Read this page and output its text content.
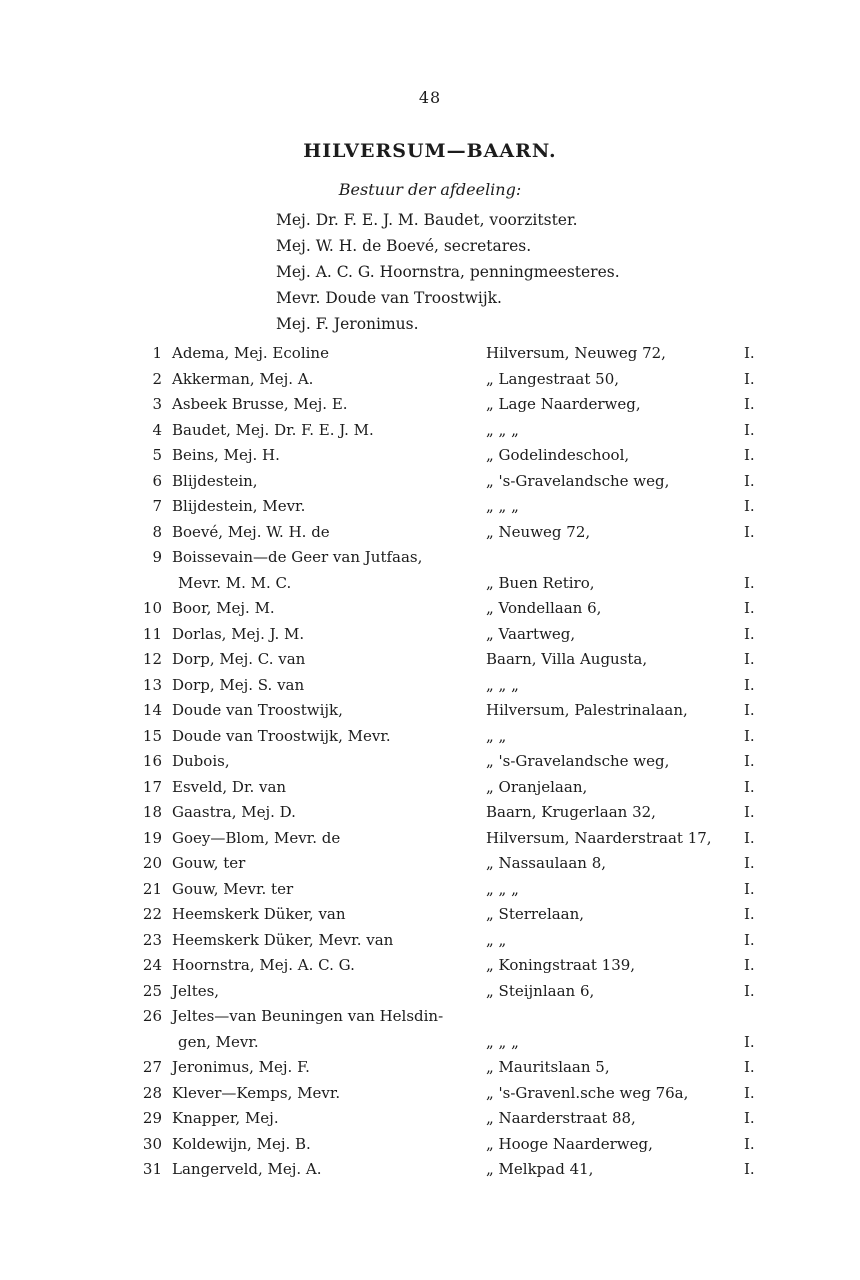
48
HILVERSUM—BAARN.
Bestuur der afdeeling:
Mej. Dr. F. E. J. M. Baudet, voorzitster.
Mej. W. H. de Boevé, secretares.
Mej. A. C. G. Hoornstra, penningmeesteres.
Mevr. Doude van Troostwijk.
Mej. F. Jeronimus.
1 Adema, Mej. Ecoline	Hilversum, Neuweg 72,	I.
2 Akkerman, Mej. A.	„ Langestraat 50,	I.
3 Asbeek Brusse, Mej. E.	„ Lage Naarderweg,	I.
4 Baudet, Mej. Dr. F. E. J. M.	„ „ „	I.
5 Beins, Mej. H.	„ Godelindeschool,	I.
6 Blijdestein,	„ 's-Gravelandsche weg,	I.
7 Blijdestein, Mevr.	„ „ „	I.
8 Boevé, Mej. W. H. de	„ Neuweg 72,	I.
9 Boissevain—de Geer van Jutfaas,
Mevr. M. M. C.	„ Buen Retiro,	I.
10 Boor, Mej. M.	„ Vondellaan 6,	I.
11 Dorlas, Mej. J. M.	„ Vaartweg,	I.
12 Dorp, Mej. C. van	Baarn, Villa Augusta,	I.
13 Dorp, Mej. S. van	„ „ „	I.
14 Doude van Troostwijk,	Hilversum, Palestrinalaan,	I.
15 Doude van Troostwijk, Mevr.	„ „	I.
16 Dubois,	„ 's-Gravelandsche weg,	I.
17 Esveld, Dr. van	„ Oranjelaan,	I.
18 Gaastra, Mej. D.	Baarn, Krugerlaan 32,	I.
19 Goey—Blom, Mevr. de	Hilversum, Naarderstraat 17, I.
20 Gouw, ter	„ Nassaulaan 8,	I.
21 Gouw, Mevr. ter	„ „ „	I.
22 Heemskerk Düker, van	„ Sterrelaan,	I.
23 Heemskerk Düker, Mevr. van	„ „	I.
24 Hoornstra, Mej. A. C. G.	„ Koningstraat 139,	I.
25 Jeltes,	„ Steijnlaan 6,	I.
26 Jeltes—van Beuningen van Helsdin-
gen, Mevr.	„ „ „	I.
27 Jeronimus, Mej. F.	„ Mauritslaan 5,	I.
28 Klever—Kemps, Mevr.	„ 's-Gravenl.sche weg 76a,	I.
29 Knapper, Mej.	„ Naarderstraat 88,	I.
30 Koldewijn, Mej. B.	„ Hooge Naarderweg,	I.
31 Langerveld, Mej. A.	„ Melkpad 41,	I.
